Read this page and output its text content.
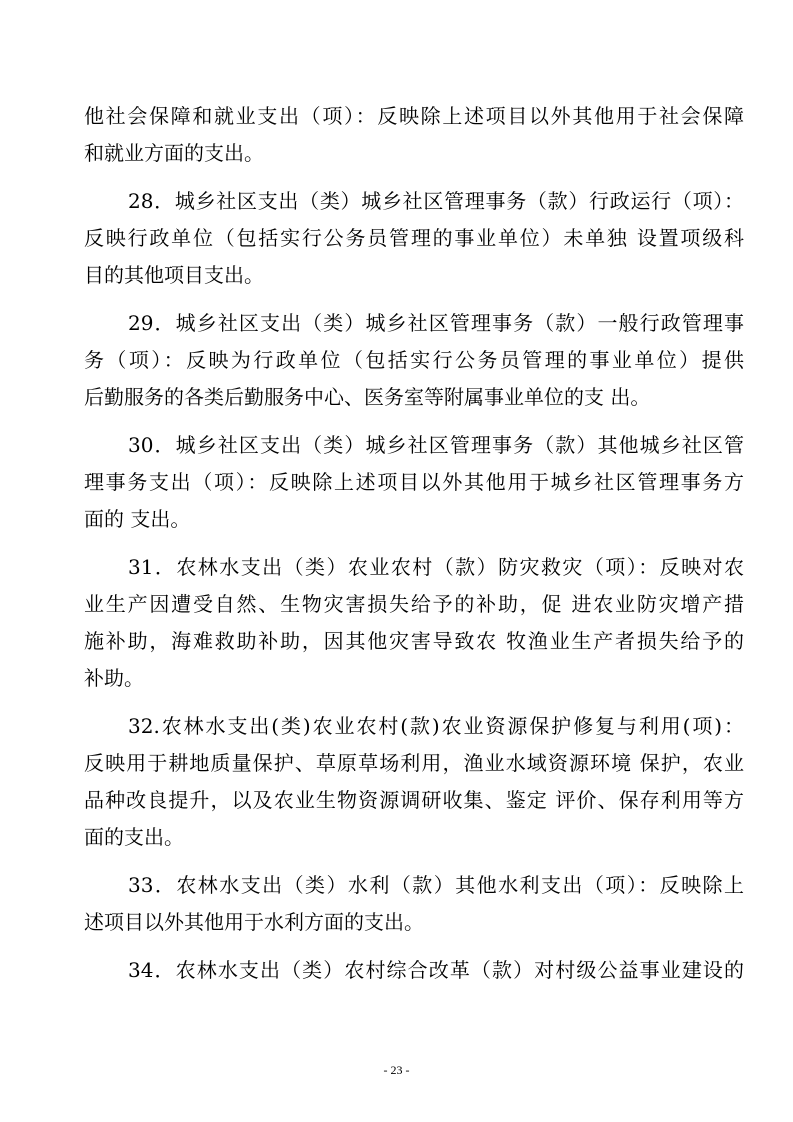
他社会保障和就业支出（项）：反映除上述项目以外其他用于社会保障
和就业方面的支出。
28．城乡社区支出（类）城乡社区管理事务（款）行政运行（项）：
反映行政单位（包括实行公务员管理的事业单位）未单独 设置项级科
目的其他项目支出。
29．城乡社区支出（类）城乡社区管理事务（款）一般行政管理事
务（项）：反映为行政单位（包括实行公务员管理的事业单位）提供
后勤服务的各类后勤服务中心、医务室等附属事业单位的支 出。
30．城乡社区支出（类）城乡社区管理事务（款）其他城乡社区管
理事务支出（项）：反映除上述项目以外其他用于城乡社区管理事务方
面的 支出。
31．农林水支出（类）农业农村（款）防灾救灾（项）：反映对农
业生产因遭受自然、生物灾害损失给予的补助，促 进农业防灾增产措
施补助，海难救助补助，因其他灾害导致农 牧渔业生产者损失给予的
补助。
32.农林水支出(类)农业农村(款)农业资源保护修复与利用(项)：
反映用于耕地质量保护、草原草场利用，渔业水域资源环境 保护，农业
品种改良提升，以及农业生物资源调研收集、鉴定 评价、保存利用等方
面的支出。
33．农林水支出（类）水利（款）其他水利支出（项）：反映除上
述项目以外其他用于水利方面的支出。
34．农林水支出（类）农村综合改革（款）对村级公益事业建设的
- 23 -
